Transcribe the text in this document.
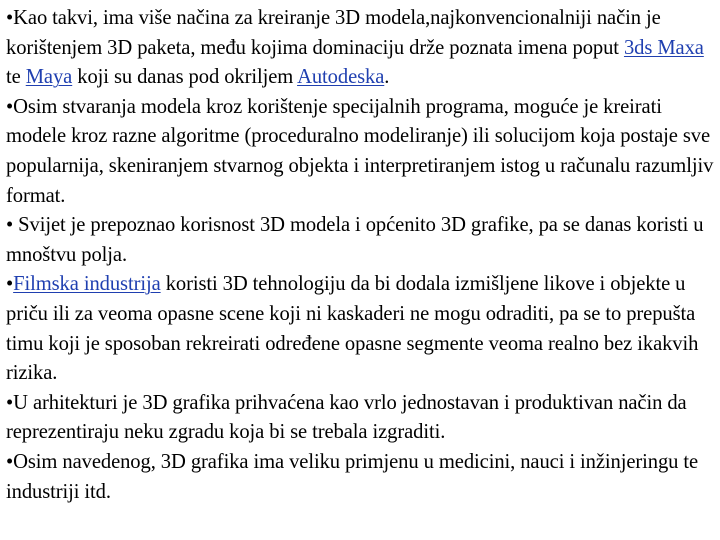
•Kao takvi, ima više načina za kreiranje 3D modela,najkonvencionalniji način je korištenjem 3D paketa, među kojima dominaciju drže poznata imena poput 3ds Maxa te Maya koji su danas pod okriljem Autodeska.

•Osim stvaranja modela kroz korištenje specijalnih programa, moguće je kreirati modele kroz razne algoritme (proceduralno modeliranje) ili solucijom koja postaje sve popularnija, skeniranjem stvarnog objekta i interpretiranjem istog u računalu razumljiv format.

• Svijet je prepoznao korisnost 3D modela i općenito 3D grafike, pa se danas koristi u mnoštvu polja.

•Filmska industrija koristi 3D tehnologiju da bi dodala izmišljene likove i objekte u priču ili za veoma opasne scene koji ni kaskaderi ne mogu odraditi, pa se to prepušta timu koji je sposoban rekreirati određene opasne segmente veoma realno bez ikakvih rizika.

•U arhitekturi je 3D grafika prihvaćena kao vrlo jednostavan i produktivan način da reprezentiraju neku zgradu koja bi se trebala izgraditi.

•Osim navedenog, 3D grafika ima veliku primjenu u medicini, nauci i inžinjeringu te industriji itd.
